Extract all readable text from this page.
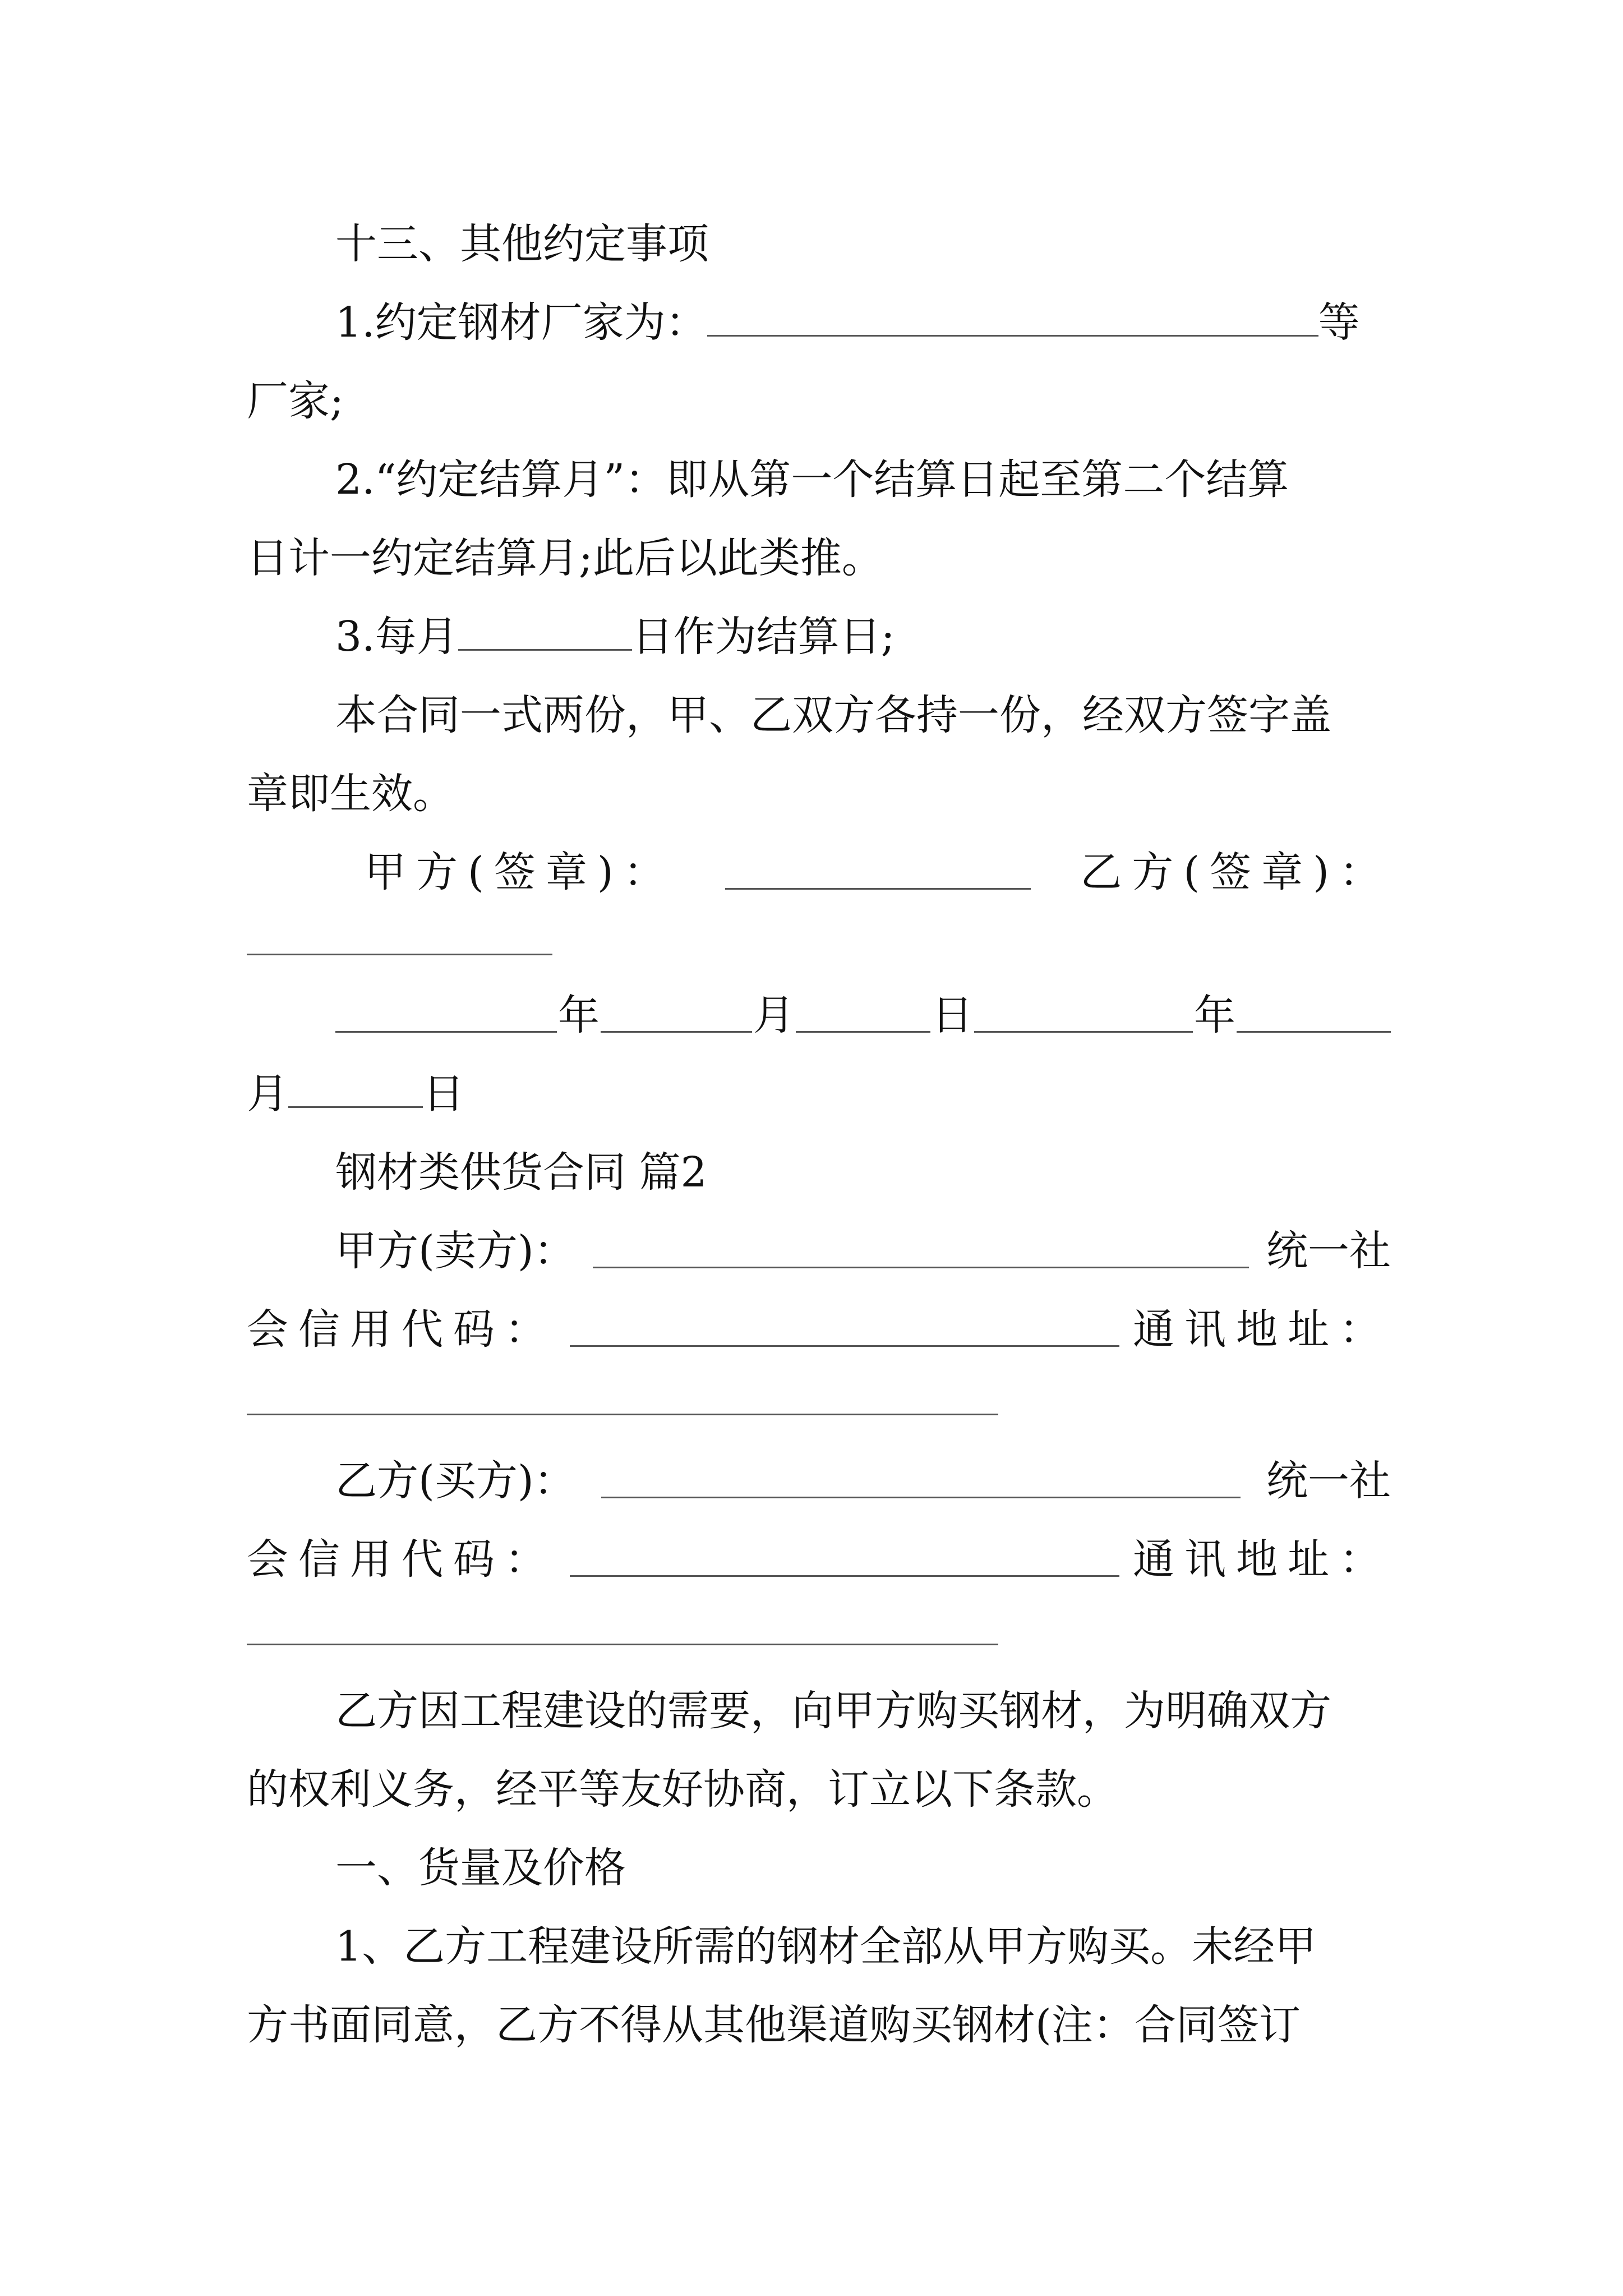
十三、其他约定事项
1.约定钢材厂家为：	等
厂家;
2.“约定结算月”：即从第一个结算日起至第二个结算
日计一约定结算月;此后以此类推。
3.每月	日作为结算日;
本合同一式两份，甲、乙双方各持一份，经双方签字盖
章即生效。
甲方(签章)：	乙方(签章)：
年	月	日	年
月	日
钢材类供货合同 篇2
甲方(卖方)：	统一社
会信用代码：	通讯地址：
乙方(买方)：	统一社
会信用代码：	通讯地址：
乙方因工程建设的需要，向甲方购买钢材，为明确双方
的权利义务，经平等友好协商，订立以下条款。
一、货量及价格
1、乙方工程建设所需的钢材全部从甲方购买。未经甲
方书面同意，乙方不得从其他渠道购买钢材(注：合同签订
